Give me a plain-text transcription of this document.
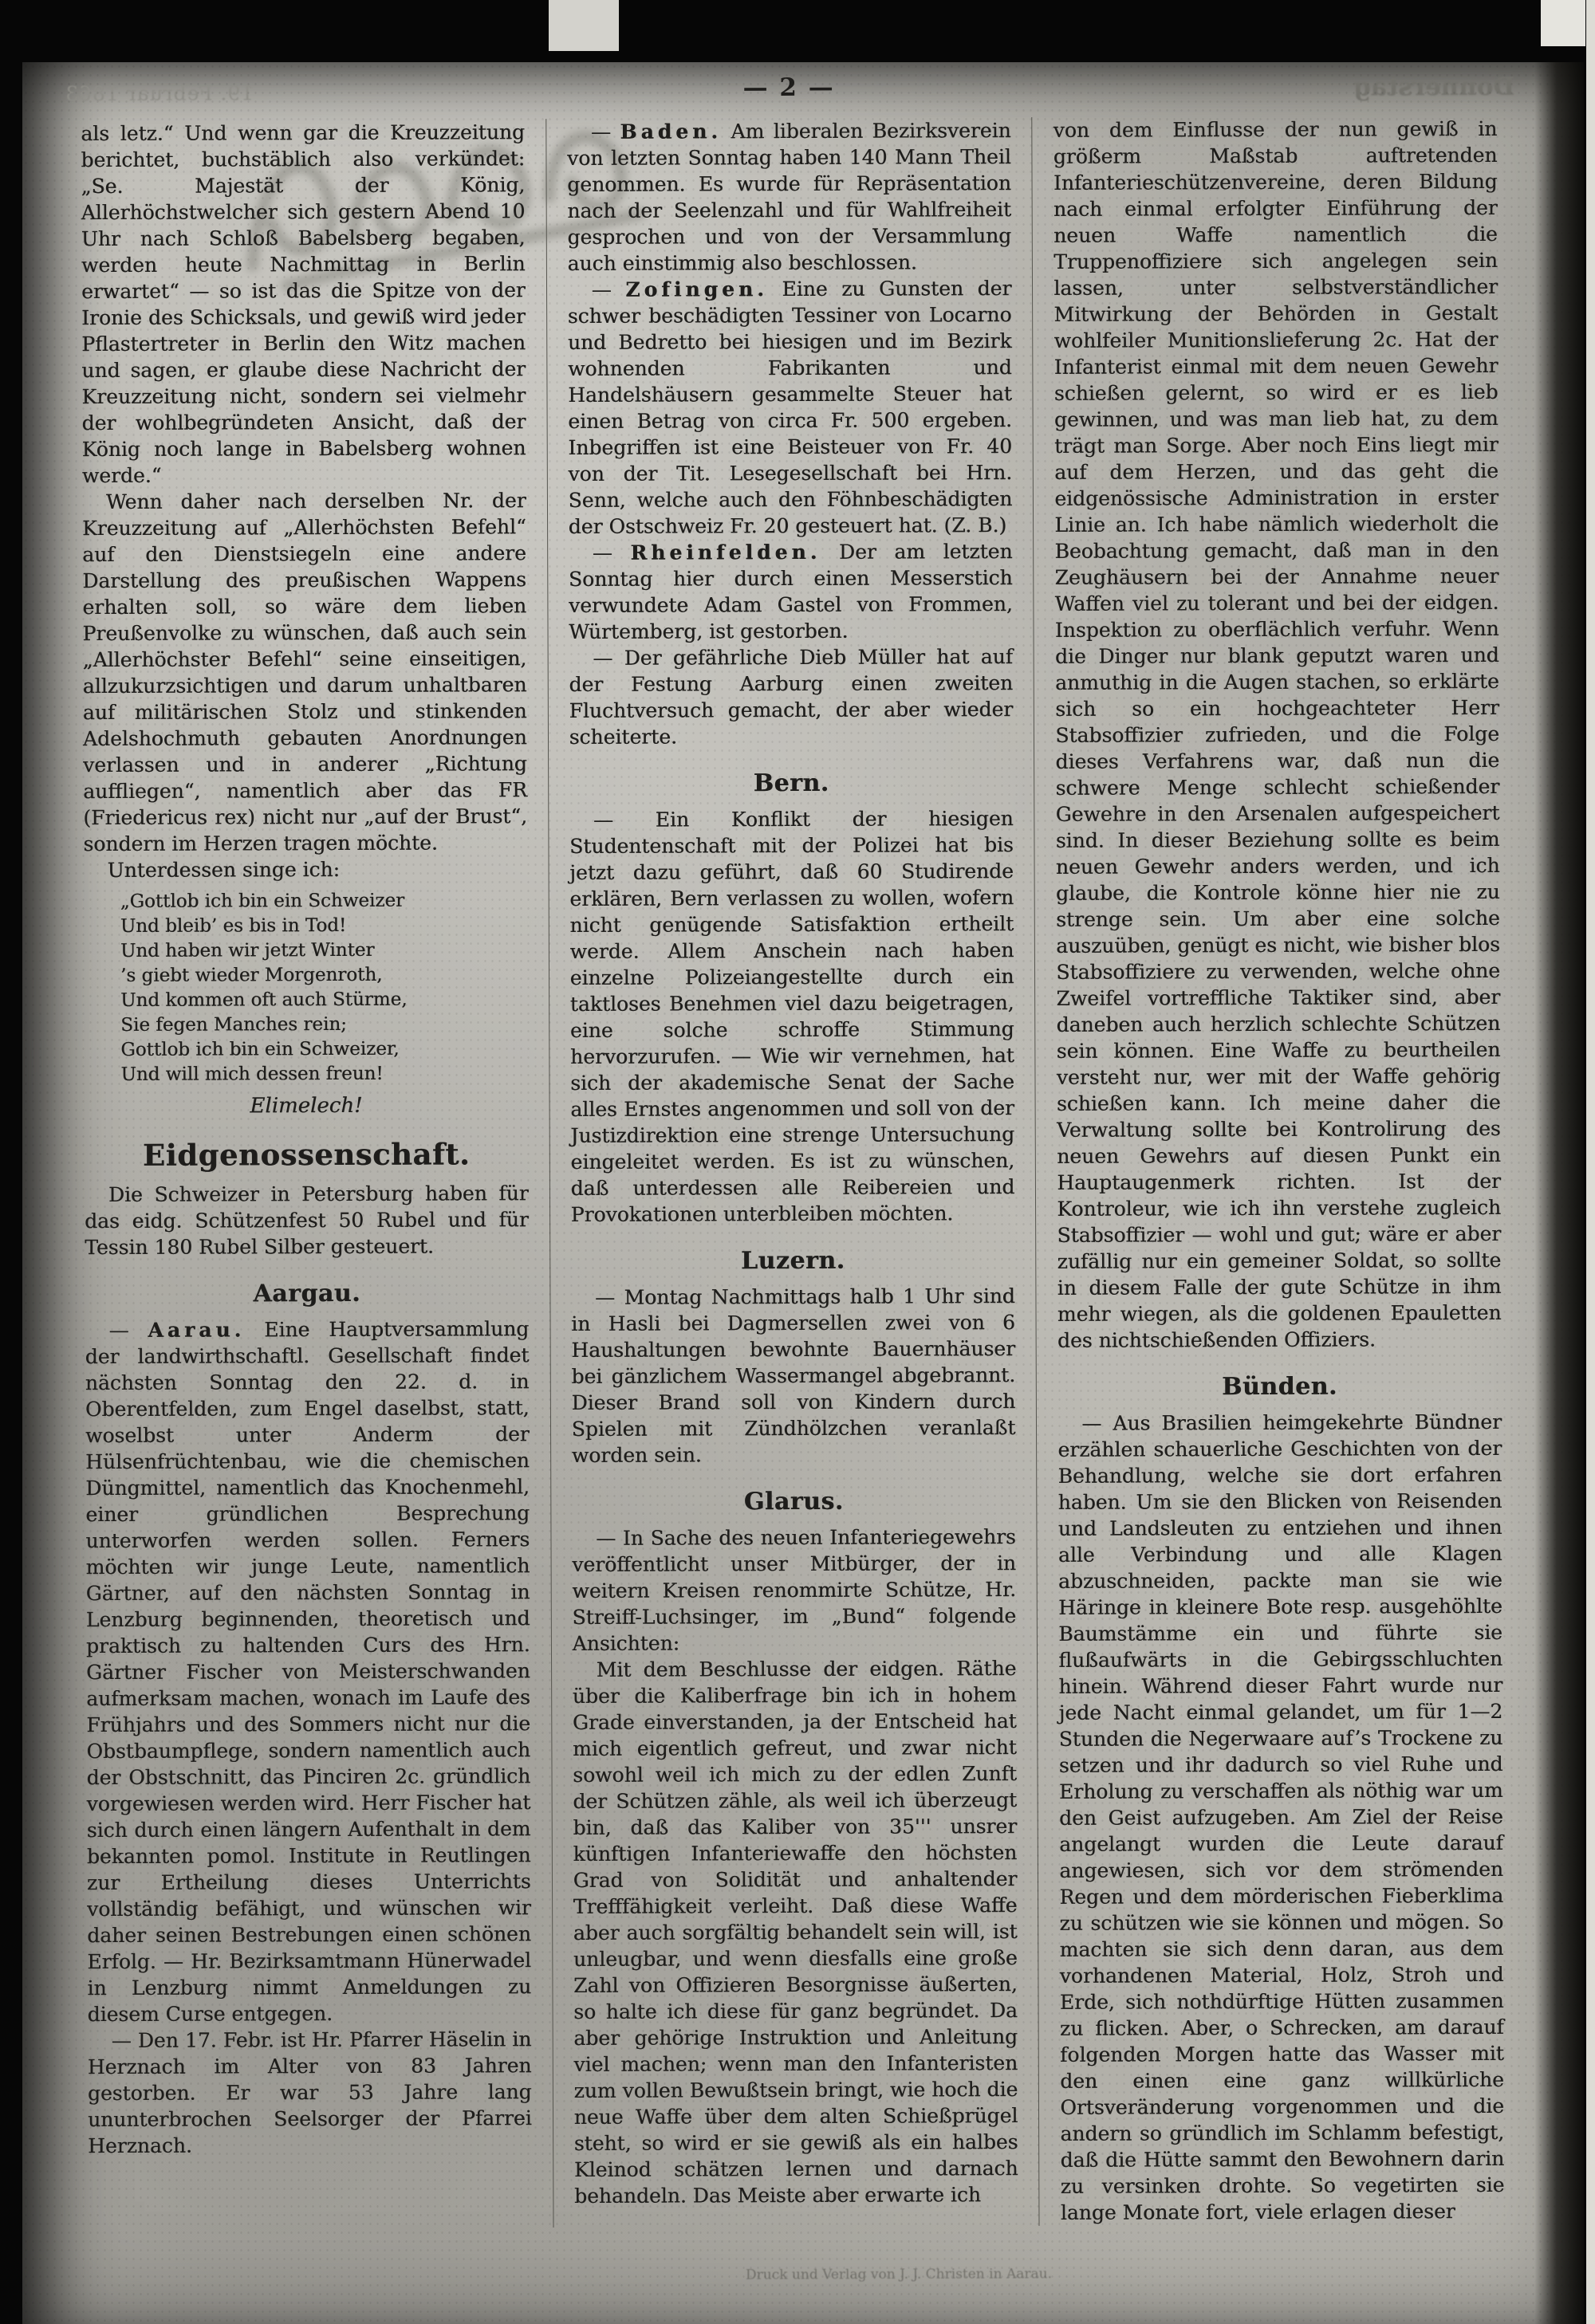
19. Februar 1863	— 2 —	Donnerstag

als letz.“ Und wenn gar die Kreuzzeitung berichtet, buchstäblich also verkündet: „Se. Majestät der König, Allerhöchstwelcher sich gestern Abend 10 Uhr nach Schloß Babelsberg begaben, werden heute Nachmittag in Berlin erwartet“ — so ist das die Spitze von der Ironie des Schicksals, und gewiß wird jeder Pflastertreter in Berlin den Witz machen und sagen, er glaube diese Nachricht der Kreuzzeitung nicht, sondern sei vielmehr der wohlbegründeten Ansicht, daß der König noch lange in Babelsberg wohnen werde.“

Wenn daher nach derselben Nr. der Kreuzzeitung auf „Allerhöchsten Befehl“ auf den Dienstsiegeln eine andere Darstellung des preußischen Wappens erhalten soll, so wäre dem lieben Preußenvolke zu wünschen, daß auch sein „Allerhöchster Befehl“ seine einseitigen, allzukurzsichtigen und darum unhaltbaren auf militärischen Stolz und stinkenden Adelshochmuth gebauten Anordnungen verlassen und in anderer „Richtung auffliegen“, namentlich aber das FR (Friedericus rex) nicht nur „auf der Brust“, sondern im Herzen tragen möchte.

Unterdessen singe ich:

„Gottlob ich bin ein Schweizer
Und bleib’ es bis in Tod!
Und haben wir jetzt Winter
’s giebt wieder Morgenroth,
Und kommen oft auch Stürme,
Sie fegen Manches rein;
Gottlob ich bin ein Schweizer,
Und will mich dessen freun!
Elimelech!
Eidgenossenschaft.

Die Schweizer in Petersburg haben für das eidg. Schützenfest 50 Rubel und für Tessin 180 Rubel Silber gesteuert.

Aargau.

— Aarau. Eine Hauptversammlung der landwirthschaftl. Gesellschaft findet nächsten Sonntag den 22. d. in Oberentfelden, zum Engel daselbst, statt, woselbst unter Anderm der Hülsenfrüchtenbau, wie die chemischen Düngmittel, namentlich das Knochenmehl, einer gründlichen Besprechung unterworfen werden sollen. Ferners möchten wir junge Leute, namentlich Gärtner, auf den nächsten Sonntag in Lenzburg beginnenden, theoretisch und praktisch zu haltenden Curs des Hrn. Gärtner Fischer von Meisterschwanden aufmerksam machen, wonach im Laufe des Frühjahrs und des Sommers nicht nur die Obstbaumpflege, sondern namentlich auch der Obstschnitt, das Pinciren 2c. gründlich vorgewiesen werden wird. Herr Fischer hat sich durch einen längern Aufenthalt in dem bekannten pomol. Institute in Reutlingen zur Ertheilung dieses Unterrichts vollständig befähigt, und wünschen wir daher seinen Bestrebungen einen schönen Erfolg. — Hr. Bezirksamtmann Hünerwadel in Lenzburg nimmt Anmeldungen zu diesem Curse entgegen.

— Den 17. Febr. ist Hr. Pfarrer Häselin in Herznach im Alter von 83 Jahren gestorben. Er war 53 Jahre lang ununterbrochen Seelsorger der Pfarrei Herznach.

— Baden. Am liberalen Bezirksverein von letzten Sonntag haben 140 Mann Theil genommen. Es wurde für Repräsentation nach der Seelenzahl und für Wahlfreiheit gesprochen und von der Versammlung auch einstimmig also beschlossen.

— Zofingen. Eine zu Gunsten der schwer beschädigten Tessiner von Locarno und Bedretto bei hiesigen und im Bezirk wohnenden Fabrikanten und Handelshäusern gesammelte Steuer hat einen Betrag von circa Fr. 500 ergeben. Inbegriffen ist eine Beisteuer von Fr. 40 von der Tit. Lesegesellschaft bei Hrn. Senn, welche auch den Föhnbeschädigten der Ostschweiz Fr. 20 gesteuert hat. (Z. B.)

— Rheinfelden. Der am letzten Sonntag hier durch einen Messerstich verwundete Adam Gastel von Frommen, Würtemberg, ist gestorben.

— Der gefährliche Dieb Müller hat auf der Festung Aarburg einen zweiten Fluchtversuch gemacht, der aber wieder scheiterte.

Bern.

— Ein Konflikt der hiesigen Studentenschaft mit der Polizei hat bis jetzt dazu geführt, daß 60 Studirende erklären, Bern verlassen zu wollen, wofern nicht genügende Satisfaktion ertheilt werde. Allem Anschein nach haben einzelne Polizeiangestellte durch ein taktloses Benehmen viel dazu beigetragen, eine solche schroffe Stimmung hervorzurufen. — Wie wir vernehmen, hat sich der akademische Senat der Sache alles Ernstes angenommen und soll von der Justizdirektion eine strenge Untersuchung eingeleitet werden. Es ist zu wünschen, daß unterdessen alle Reibereien und Provokationen unterbleiben möchten.

Luzern.

— Montag Nachmittags halb 1 Uhr sind in Hasli bei Dagmersellen zwei von 6 Haushaltungen bewohnte Bauernhäuser bei gänzlichem Wassermangel abgebrannt. Dieser Brand soll von Kindern durch Spielen mit Zündhölzchen veranlaßt worden sein.

Glarus.

— In Sache des neuen Infanteriegewehrs veröffentlicht unser Mitbürger, der in weitern Kreisen renommirte Schütze, Hr. Streiff-Luchsinger, im „Bund“ folgende Ansichten:

Mit dem Beschlusse der eidgen. Räthe über die Kaliberfrage bin ich in hohem Grade einverstanden, ja der Entscheid hat mich eigentlich gefreut, und zwar nicht sowohl weil ich mich zu der edlen Zunft der Schützen zähle, als weil ich überzeugt bin, daß das Kaliber von 35''' unsrer künftigen Infanteriewaffe den höchsten Grad von Solidität und anhaltender Trefffähigkeit verleiht. Daß diese Waffe aber auch sorgfältig behandelt sein will, ist unleugbar, und wenn diesfalls eine große Zahl von Offizieren Besorgnisse äußerten, so halte ich diese für ganz begründet. Da aber gehörige Instruktion und Anleitung viel machen; wenn man den Infanteristen zum vollen Bewußtsein bringt, wie hoch die neue Waffe über dem alten Schießprügel steht, so wird er sie gewiß als ein halbes Kleinod schätzen lernen und darnach behandeln. Das Meiste aber erwarte ich

von dem Einflusse der nun gewiß in größerm Maßstab auftretenden Infanterieschützenvereine, deren Bildung nach einmal erfolgter Einführung der neuen Waffe namentlich die Truppenoffiziere sich angelegen sein lassen, unter selbstverständlicher Mitwirkung der Behörden in Gestalt wohlfeiler Munitionslieferung 2c. Hat der Infanterist einmal mit dem neuen Gewehr schießen gelernt, so wird er es lieb gewinnen, und was man lieb hat, zu dem trägt man Sorge. Aber noch Eins liegt mir auf dem Herzen, und das geht die eidgenössische Administration in erster Linie an. Ich habe nämlich wiederholt die Beobachtung gemacht, daß man in den Zeughäusern bei der Annahme neuer Waffen viel zu tolerant und bei der eidgen. Inspektion zu oberflächlich verfuhr. Wenn die Dinger nur blank geputzt waren und anmuthig in die Augen stachen, so erklärte sich so ein hochgeachteter Herr Stabsoffizier zufrieden, und die Folge dieses Verfahrens war, daß nun die schwere Menge schlecht schießender Gewehre in den Arsenalen aufgespeichert sind. In dieser Beziehung sollte es beim neuen Gewehr anders werden, und ich glaube, die Kontrole könne hier nie zu strenge sein. Um aber eine solche auszuüben, genügt es nicht, wie bisher blos Stabsoffiziere zu verwenden, welche ohne Zweifel vortreffliche Taktiker sind, aber daneben auch herzlich schlechte Schützen sein können. Eine Waffe zu beurtheilen versteht nur, wer mit der Waffe gehörig schießen kann. Ich meine daher die Verwaltung sollte bei Kontrolirung des neuen Gewehrs auf diesen Punkt ein Hauptaugenmerk richten. Ist der Kontroleur, wie ich ihn verstehe zugleich Stabsoffizier — wohl und gut; wäre er aber zufällig nur ein gemeiner Soldat, so sollte in diesem Falle der gute Schütze in ihm mehr wiegen, als die goldenen Epauletten des nichtschießenden Offiziers.

Bünden.

— Aus Brasilien heimgekehrte Bündner erzählen schauerliche Geschichten von der Behandlung, welche sie dort erfahren haben. Um sie den Blicken von Reisenden und Landsleuten zu entziehen und ihnen alle Verbindung und alle Klagen abzuschneiden, packte man sie wie Häringe in kleinere Bote resp. ausgehöhlte Baumstämme ein und führte sie flußaufwärts in die Gebirgsschluchten hinein. Während dieser Fahrt wurde nur jede Nacht einmal gelandet, um für 1—2 Stunden die Negerwaare auf’s Trockene zu setzen und ihr dadurch so viel Ruhe und Erholung zu verschaffen als nöthig war um den Geist aufzugeben. Am Ziel der Reise angelangt wurden die Leute darauf angewiesen, sich vor dem strömenden Regen und dem mörderischen Fieberklima zu schützen wie sie können und mögen. So machten sie sich denn daran, aus dem vorhandenen Material, Holz, Stroh und Erde, sich nothdürftige Hütten zusammen zu flicken. Aber, o Schrecken, am darauf folgenden Morgen hatte das Wasser mit den einen eine ganz willkürliche Ortsveränderung vorgenommen und die andern so gründlich im Schlamm befestigt, daß die Hütte sammt den Bewohnern darin zu versinken drohte. So vegetirten sie lange Monate fort, viele erlagen dieser

Druck und Verlag von J. J. Christen in Aarau.
